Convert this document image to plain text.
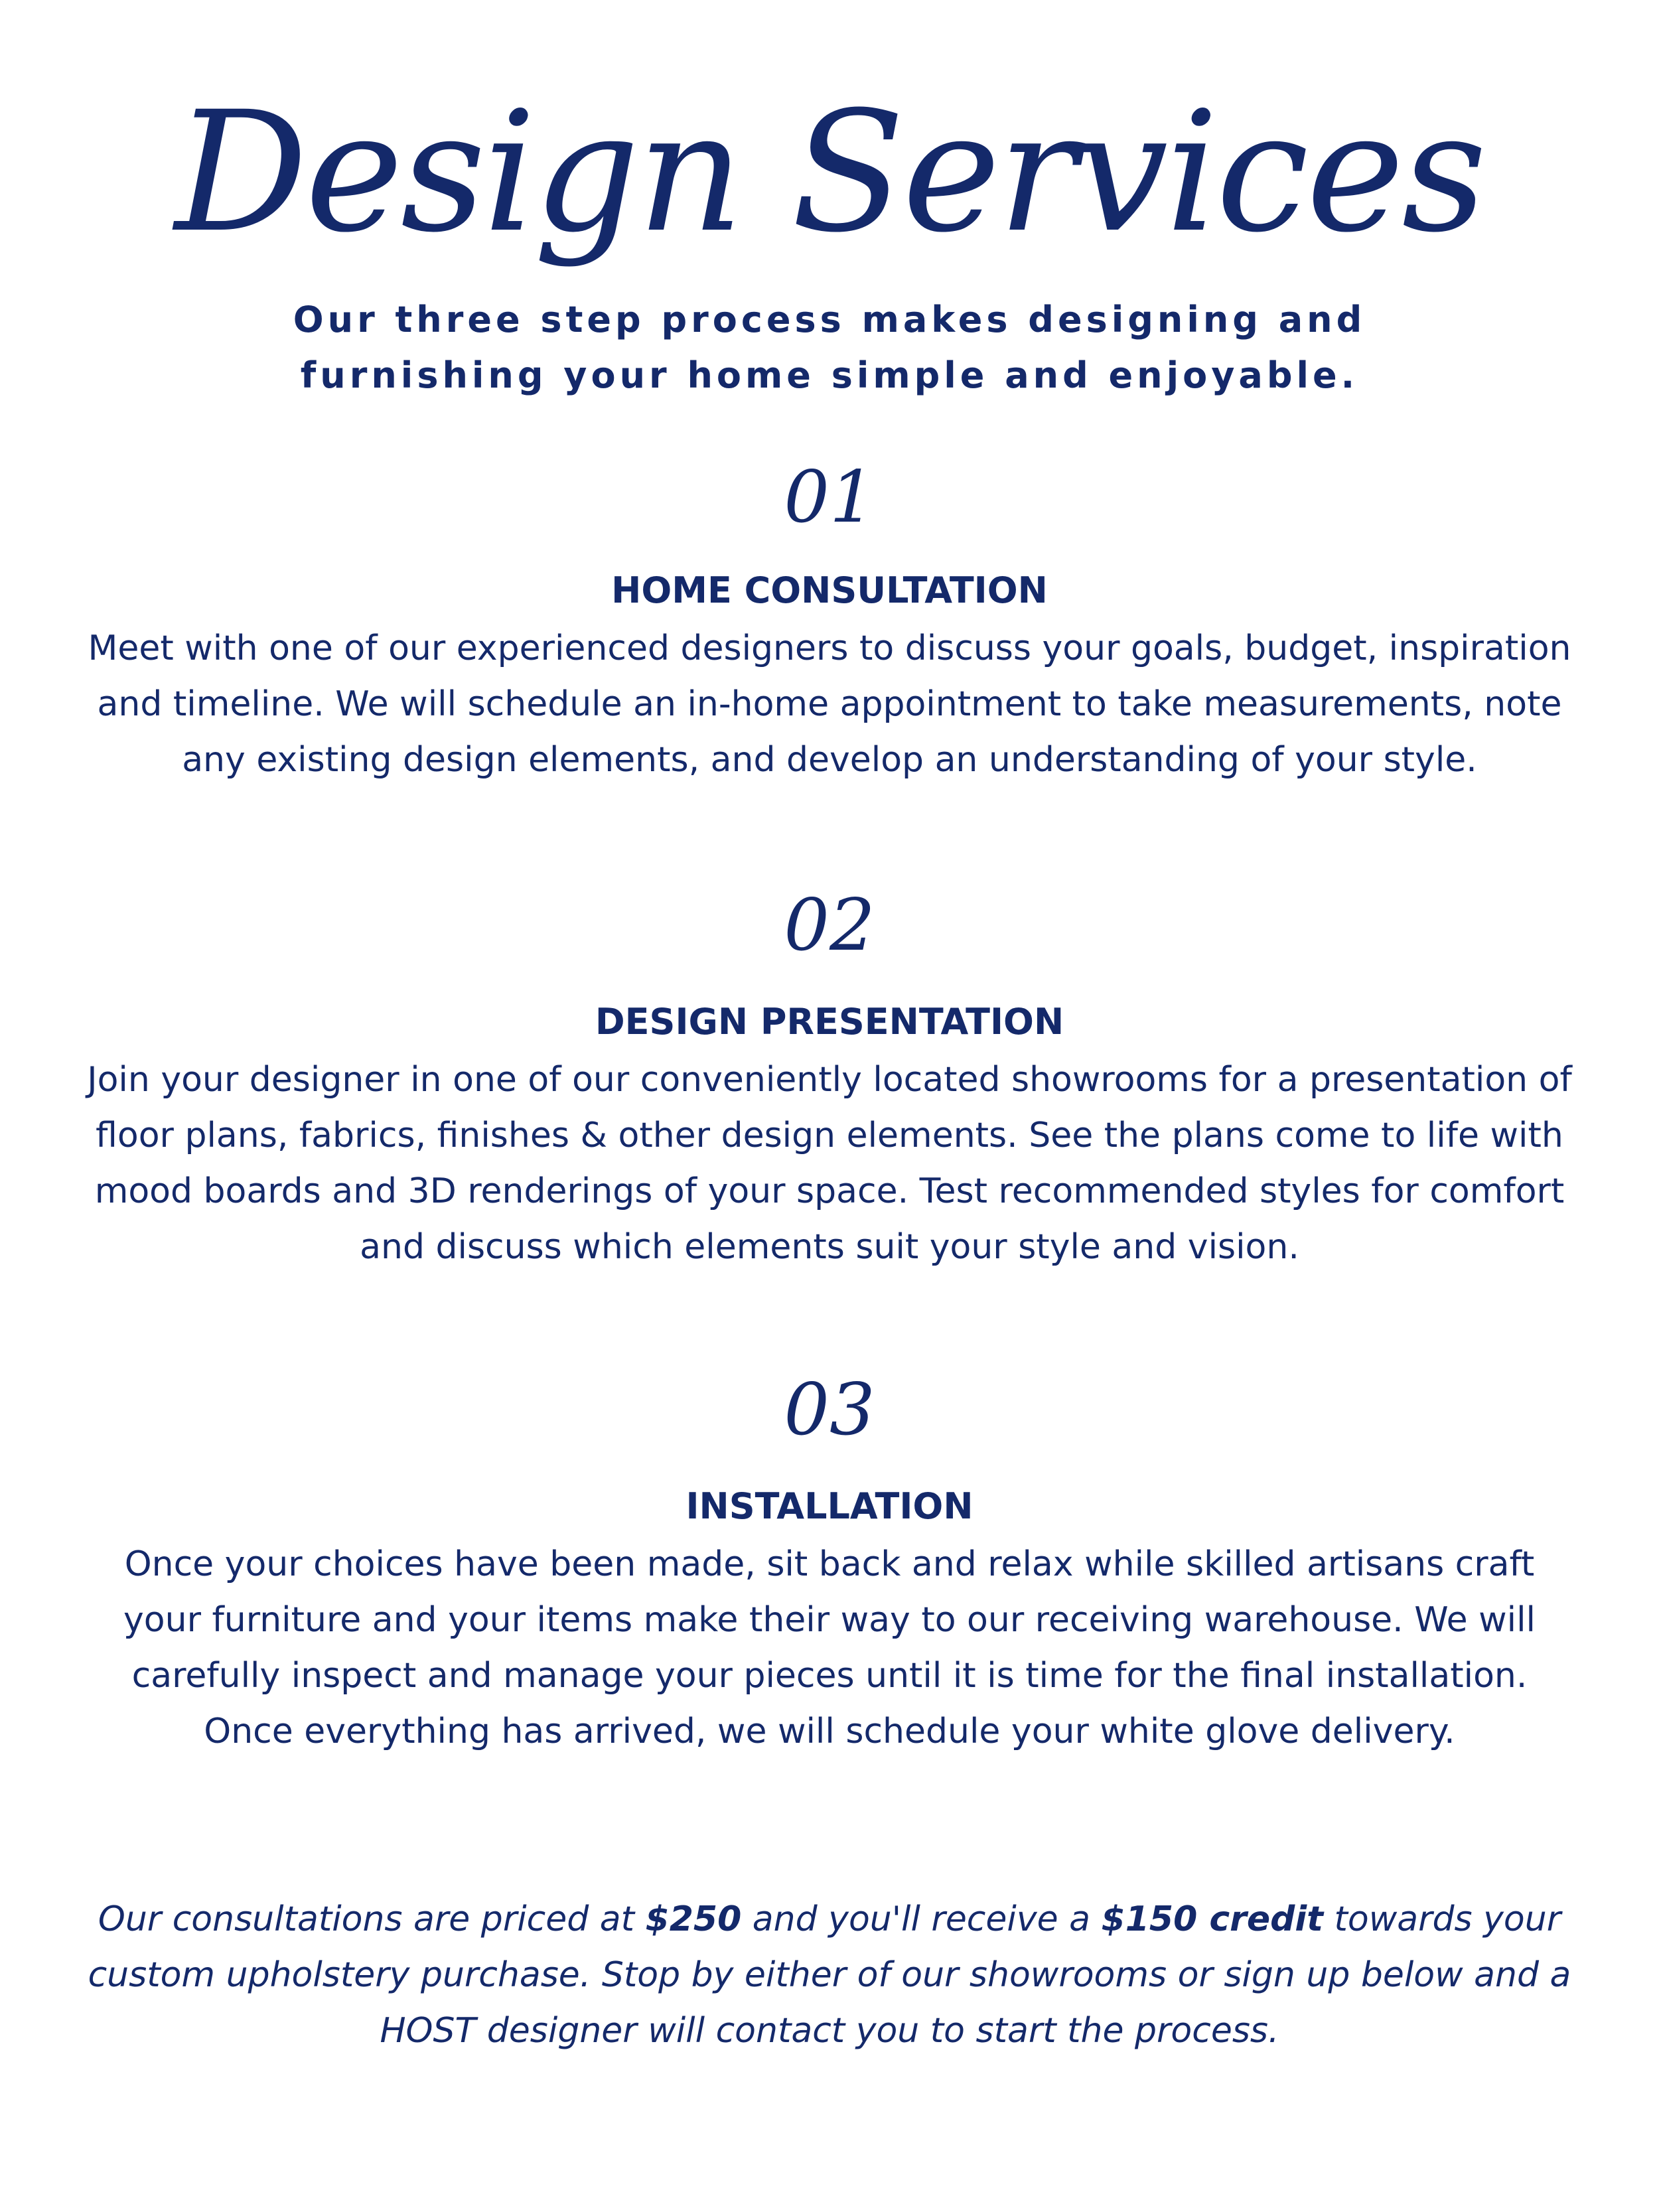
Design Services

Our three step process makes designing and furnishing your home simple and enjoyable.

01
HOME CONSULTATION

Meet with one of our experienced designers to discuss your goals, budget, inspiration and timeline. We will schedule an in-home appointment to take measurements, note any existing design elements, and develop an understanding of your style.

02
DESIGN PRESENTATION

Join your designer in one of our conveniently located showrooms for a presentation of floor plans, fabrics, finishes & other design elements. See the plans come to life with mood boards and 3D renderings of your space. Test recommended styles for comfort and discuss which elements suit your style and vision.

03
INSTALLATION

Once your choices have been made, sit back and relax while skilled artisans craft your furniture and your items make their way to our receiving warehouse. We will carefully inspect and manage your pieces until it is time for the final installation. Once everything has arrived, we will schedule your white glove delivery.

Our consultations are priced at $250 and you'll receive a $150 credit towards your custom upholstery purchase. Stop by either of our showrooms or sign up below and a HOST designer will contact you to start the process.
